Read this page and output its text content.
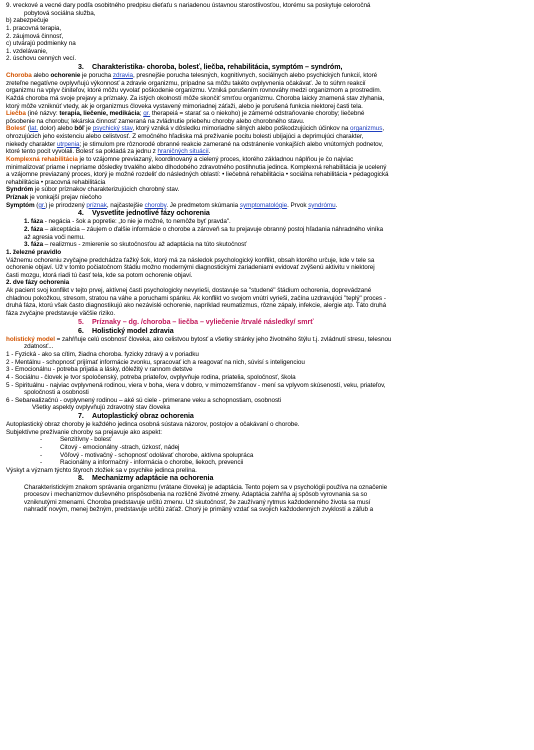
9. vreckové a vecné dary podľa osobitného predpisu dieťaťu s nariadenou ústavnou starostlivosťou, ktorému sa poskytuje celoročná

pobytová sociálna služba,

b) zabezpečuje

1. pracovná terapia,

2. záujmová činnosť,

c) utvárajú podmienky na

1. vzdelávanie,

2. úschovu cenných vecí.

3. Charakteristika- choroba, bolesť, liečba, rehabilitácia, symptóm – syndróm,

Choroba alebo ochorenie je porucha zdravia, presnejšie porucha telesných, kognitívnych, sociálnych alebo psychických funkcií, ktoré

zreteľne negatívne ovplyvňujú výkonnosť a zdravie organizmu, prípadne sa môžu takéto ovplyvnenia očakávať. Je to súhrn reakcií

organizmu na vplyv činiteľov, ktoré môžu vyvolať poškodenie organizmu. Vzniká porušením rovnováhy medzi organizmom a prostredím.

Každá choroba má svoje prejavy a príznaky. Za istých okolností môže skončiť smrťou organizmu. Choroba laicky znamená stav zlyhania,

ktorý môže vzniknúť vtedy, ak je organizmus človeka vystavený mimoriadnej záťaži, alebo je porušená funkcia niektorej časti tela.

Liečba (iné názvy: terapia, liečenie, medikácia; gr. therapeiá = starať sa o niekoho) je zámerné odstraňovanie choroby; liečebné

pôsobenie na chorobu; lekárska činnosť zameraná na zvládnutie priebehu choroby alebo chorobného stavu.

Bolesť (lat. dolor) alebo bôľ je psychický stav, ktorý vzniká v dôsledku mimoriadne silných alebo poškodzujúcich účinkov na organizmus,

ohrozujúcich jeho existenciu alebo celistvosť. Z emočného hľadiska má prežívanie pocitu bolesti ubíjajúci a deprimujúci charakter,

niekedy charakter utrpenia; je stimulom pre rôznorodé obranné reakcie zamerané na odstránenie vonkajších alebo vnútorných podnetov,

ktoré tento pocit vyvolali. Bolesť sa pokladá za jednu z hraničných situácií.

Komplexná rehabilitácia je to vzájomne previazaný, koordinovaný a cielený proces, ktorého základnou náplňou je čo najviac

minimalizovať priame i nepriame dôsledky trvalého alebo dlhodobého zdravotného postihnutia jedinca. Komplexná rehabilitácia je ucelený

a vzájomne previazaný proces, ktorý je možné rozdeliť do následných oblastí: • liečebná rehabilitácia • sociálna rehabilitácia • pedagogická

rehabilitácia • pracovná rehabilitácia

Syndróm je súbor príznakov charakterizujúcich chorobný stav.

Príznak je vonkajší prejav niečoho

Symptóm (gr.) je prirodzený príznak, najčastejšie choroby. Je predmetom skúmania symptomatológie. Prvok syndrómu.

4. Vysvetlite jednotlivé fázy ochorenia

1. fáza - negácia - šok a popretie: „to nie je možné, to nemôže byť pravda".

2. fáza – akceptácia – záujem o ďalšie informácie o chorobe a zároveň sa tu prejavuje obranný postoj hľadania náhradného viníka

až agresia voči nemu.

3. fáza – realizmus - zmierenie so skutočnosťou až adaptácia na túto skutočnosť

1. železné pravidlo

Vážnemu ochoreniu zvyčajne predchádza ťažký šok, ktorý má za následok psychologický konflikt, obsah ktorého určuje, kde v tele sa

ochorenie objaví. Už v tomto počiatočnom štádiu možno modernými diagnostickými zariadeniami evidovať zvýšenú aktivitu v niektorej

časti mozgu, ktorá riadi tú časť tela, kde sa potom ochorenie objaví.

2. dve fázy ochorenia

Ak pacient svoj konflikt v tejto prvej, aktívnej časti psychologicky nevyrieši, dostavuje sa "studené" štádium ochorenia, doprevádzané

chladnou pokožkou, stresom, stratou na váhe a poruchami spánku. Ak konflikt vo svojom vnútri vyrieši, začína uzdravujúci "teplý" proces -

druhá fáza, ktorú však často diagnostikujú ako nezávislé ochorenie, napríklad reumatizmus, rôzne zápaly, infekcie, alergie atp. Táto druhá

fáza zvyčajne predstavuje väčšie riziko.

5. Príznaky – dg. /choroba – liečba – vyliečenie /trvalé následky/ smrť

6. Holistický model zdravia

holistický model = zahŕňuje celú osobnosť človeka, ako celistvou bytosť a všetky stránky jeho životného štýlu t.j. zvládnutí stresu, telesnou

zdatnosť...

1 - Fyzická - ako sa cítim, žiadna choroba. fyzicky zdravý a v poriadku

2 - Mentálnu - schopnosť prijímať informácie zvonku, spracovať ich a reagovať na nich, súvisí s inteligenciou

3 - Emocionálnu - potreba prijatia a lásky, dôležitý v rannom detstve

4 - Sociálnu - človek je tvor spoločenský, potreba priateľov, ovplyvňuje rodina, priatelia, spoločnosť, škola

5 - Spirituálnu - najviac ovplyvnená rodinou, viera v boha, viera v dobro, v mimozemšťanov - mení sa vplyvom skúseností, veku, priateľov,

spoločnosti a osobnosti

6 - Sebarealizačnú - ovplyvnený rodinou – aké sú ciele - primerane veku a schopnostiam, osobnosti

Všetky aspekty ovplyvňujú zdravotný stav človeka

7. Autoplastický obraz ochorenia

Autoplastický obraz choroby je každého jedinca osobná sústava názorov, postojov a očakávaní o chorobe.

Subjektívne prežívanie choroby sa prejavuje ako aspekt:

- Senzitívny - bolesť

- Citový - emocionálny -strach, úzkosť, nádej

- Vôľový - motivačný - schopnosť odolávať chorobe, aktívna spolupráca

- Racionálny a informačný - informácia o chorobe, liekoch, prevencii

Výskyt a význam týchto štyroch zložiek sa v psychike jedinca prelína.

8. Mechanizmy adaptácie na ochorenia

Charakteristickým znakom správania organizmu (vrátane človeka) je adaptácia. Tento pojem sa v psychológii používa na označenie

procesov i mechanizmov duševného prispôsobenia na rozličné životné zmeny. Adaptácia zahŕňa aj spôsob vyrovnania sa so

vzniknutými zmenami. Choroba predstavuje určitú zmenu. Už skutočnosť, že zaužívaný rytmus každodenného života sa musí

nahradiť novým, menej bežným, predstavuje určitú záťaž. Chorý je primäný vzdať sa svojich každodenných zvyklostí a záľub a
